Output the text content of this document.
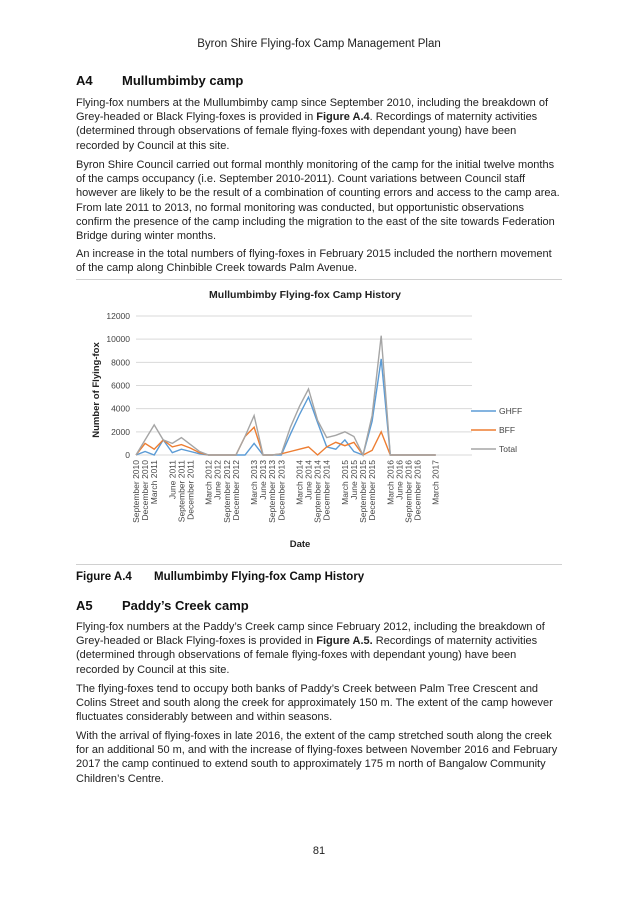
Byron Shire Flying-fox Camp Management Plan
A4 Mullumbimby camp
Flying-fox numbers at the Mullumbimby camp since September 2010, including the breakdown of Grey-headed or Black Flying-foxes is provided in Figure A.4. Recordings of maternity activities (determined through observations of female flying-foxes with dependant young) have been recorded by Council at this site.
Byron Shire Council carried out formal monthly monitoring of the camp for the initial twelve months of the camps occupancy (i.e. September 2010-2011). Count variations between Council staff however are likely to be the result of a combination of counting errors and access to the camp area. From late 2011 to 2013, no formal monitoring was conducted, but opportunistic observations confirm the presence of the camp including the migration to the east of the site towards Federation Bridge during winter months.
An increase in the total numbers of flying-foxes in February 2015 included the northern movement of the camp along Chinbible Creek towards Palm Avenue.
Mullumbimby Flying-fox Camp History
Number of Flying-fox
Date
0
2000
4000
6000
8000
10000
12000
GHFF
BFF
Total
September 2010 December 2010 March 2011 June 2011 September 2011 December 2011 March 2012 June 2012 September 2012 December 2012 March 2013 June 2013 September 2013 December 2013 March 2014 June 2014 September 2014 December 2014 March 2015 June 2015 September 2015 December 2015 March 2016 June 2016 September 2016 December 2016 March 2017
Figure A.4 Mullumbimby Flying-fox Camp History
A5 Paddy’s Creek camp
Flying-fox numbers at the Paddy’s Creek camp since February 2012, including the breakdown of Grey-headed or Black Flying-foxes is provided in Figure A.5. Recordings of maternity activities (determined through observations of female flying-foxes with dependant young) have been recorded by Council at this site.
The flying-foxes tend to occupy both banks of Paddy’s Creek between Palm Tree Crescent and Colins Street and south along the creek for approximately 150 m. The extent of the camp however fluctuates considerably between and within seasons.
With the arrival of flying-foxes in late 2016, the extent of the camp stretched south along the creek for an additional 50 m, and with the increase of flying-foxes between November 2016 and February 2017 the camp continued to extend south to approximately 175 m north of Bangalow Community Children’s Centre.
81
